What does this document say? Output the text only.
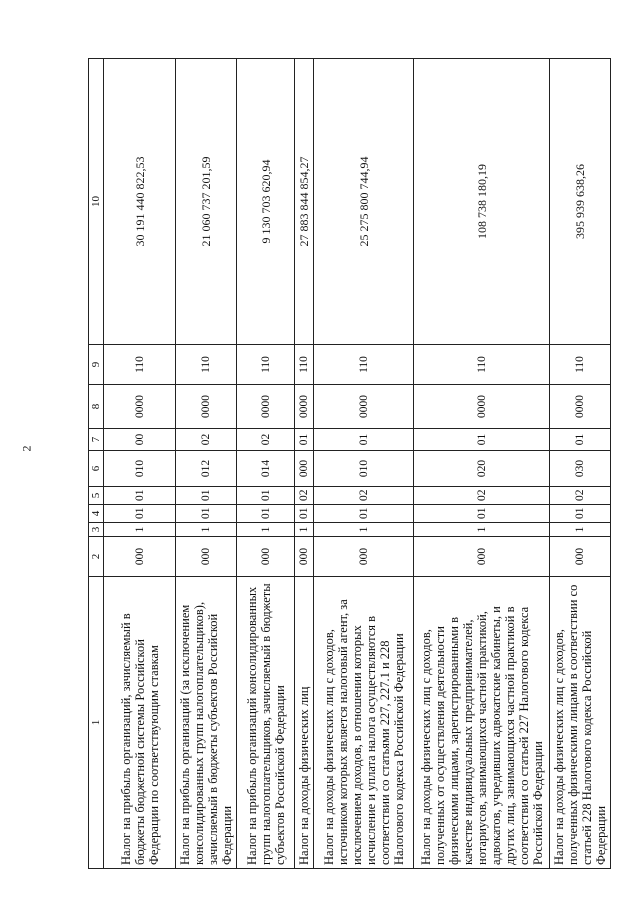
2
1	2	3	4	5	6	7	8	9	10
Налог на прибыль организаций, зачисляемый в бюджеты бюджетной системы Российской Федерации по соответствующим ставкам	000	1	01	01	010	00	0000	110	30 191 440 822,53
Налог на прибыль организаций (за исключением консолидированных групп налогоплательщиков), зачисляемый в бюджеты субъектов Российской Федерации	000	1	01	01	012	02	0000	110	21 060 737 201,59
Налог на прибыль организаций консолидированных групп налогоплательщиков, зачисляемый в бюджеты субъектов Российской Федерации	000	1	01	01	014	02	0000	110	9 130 703 620,94
Налог на доходы физических лиц	000	1	01	02	000	01	0000	110	27 883 844 854,27
Налог на доходы физических лиц с доходов, источником которых является налоговый агент, за исключением доходов, в отношении которых исчисление и уплата налога осуществляются в соответствии со статьями 227, 227.1 и 228 Налогового кодекса Российской Федерации	000	1	01	02	010	01	0000	110	25 275 800 744,94
Налог на доходы физических лиц с доходов, полученных от осуществления деятельности физическими лицами, зарегистрированными в качестве индивидуальных предпринимателей, нотариусов, занимающихся частной практикой, адвокатов, учредивших адвокатские кабинеты, и других лиц, занимающихся частной практикой в соответствии со статьей 227 Налогового кодекса Российской Федерации	000	1	01	02	020	01	0000	110	108 738 180,19
Налог на доходы физических лиц с доходов, полученных физическими лицами в соответствии со статьей 228 Налогового кодекса Российской Федерации	000	1	01	02	030	01	0000	110	395 939 638,26
